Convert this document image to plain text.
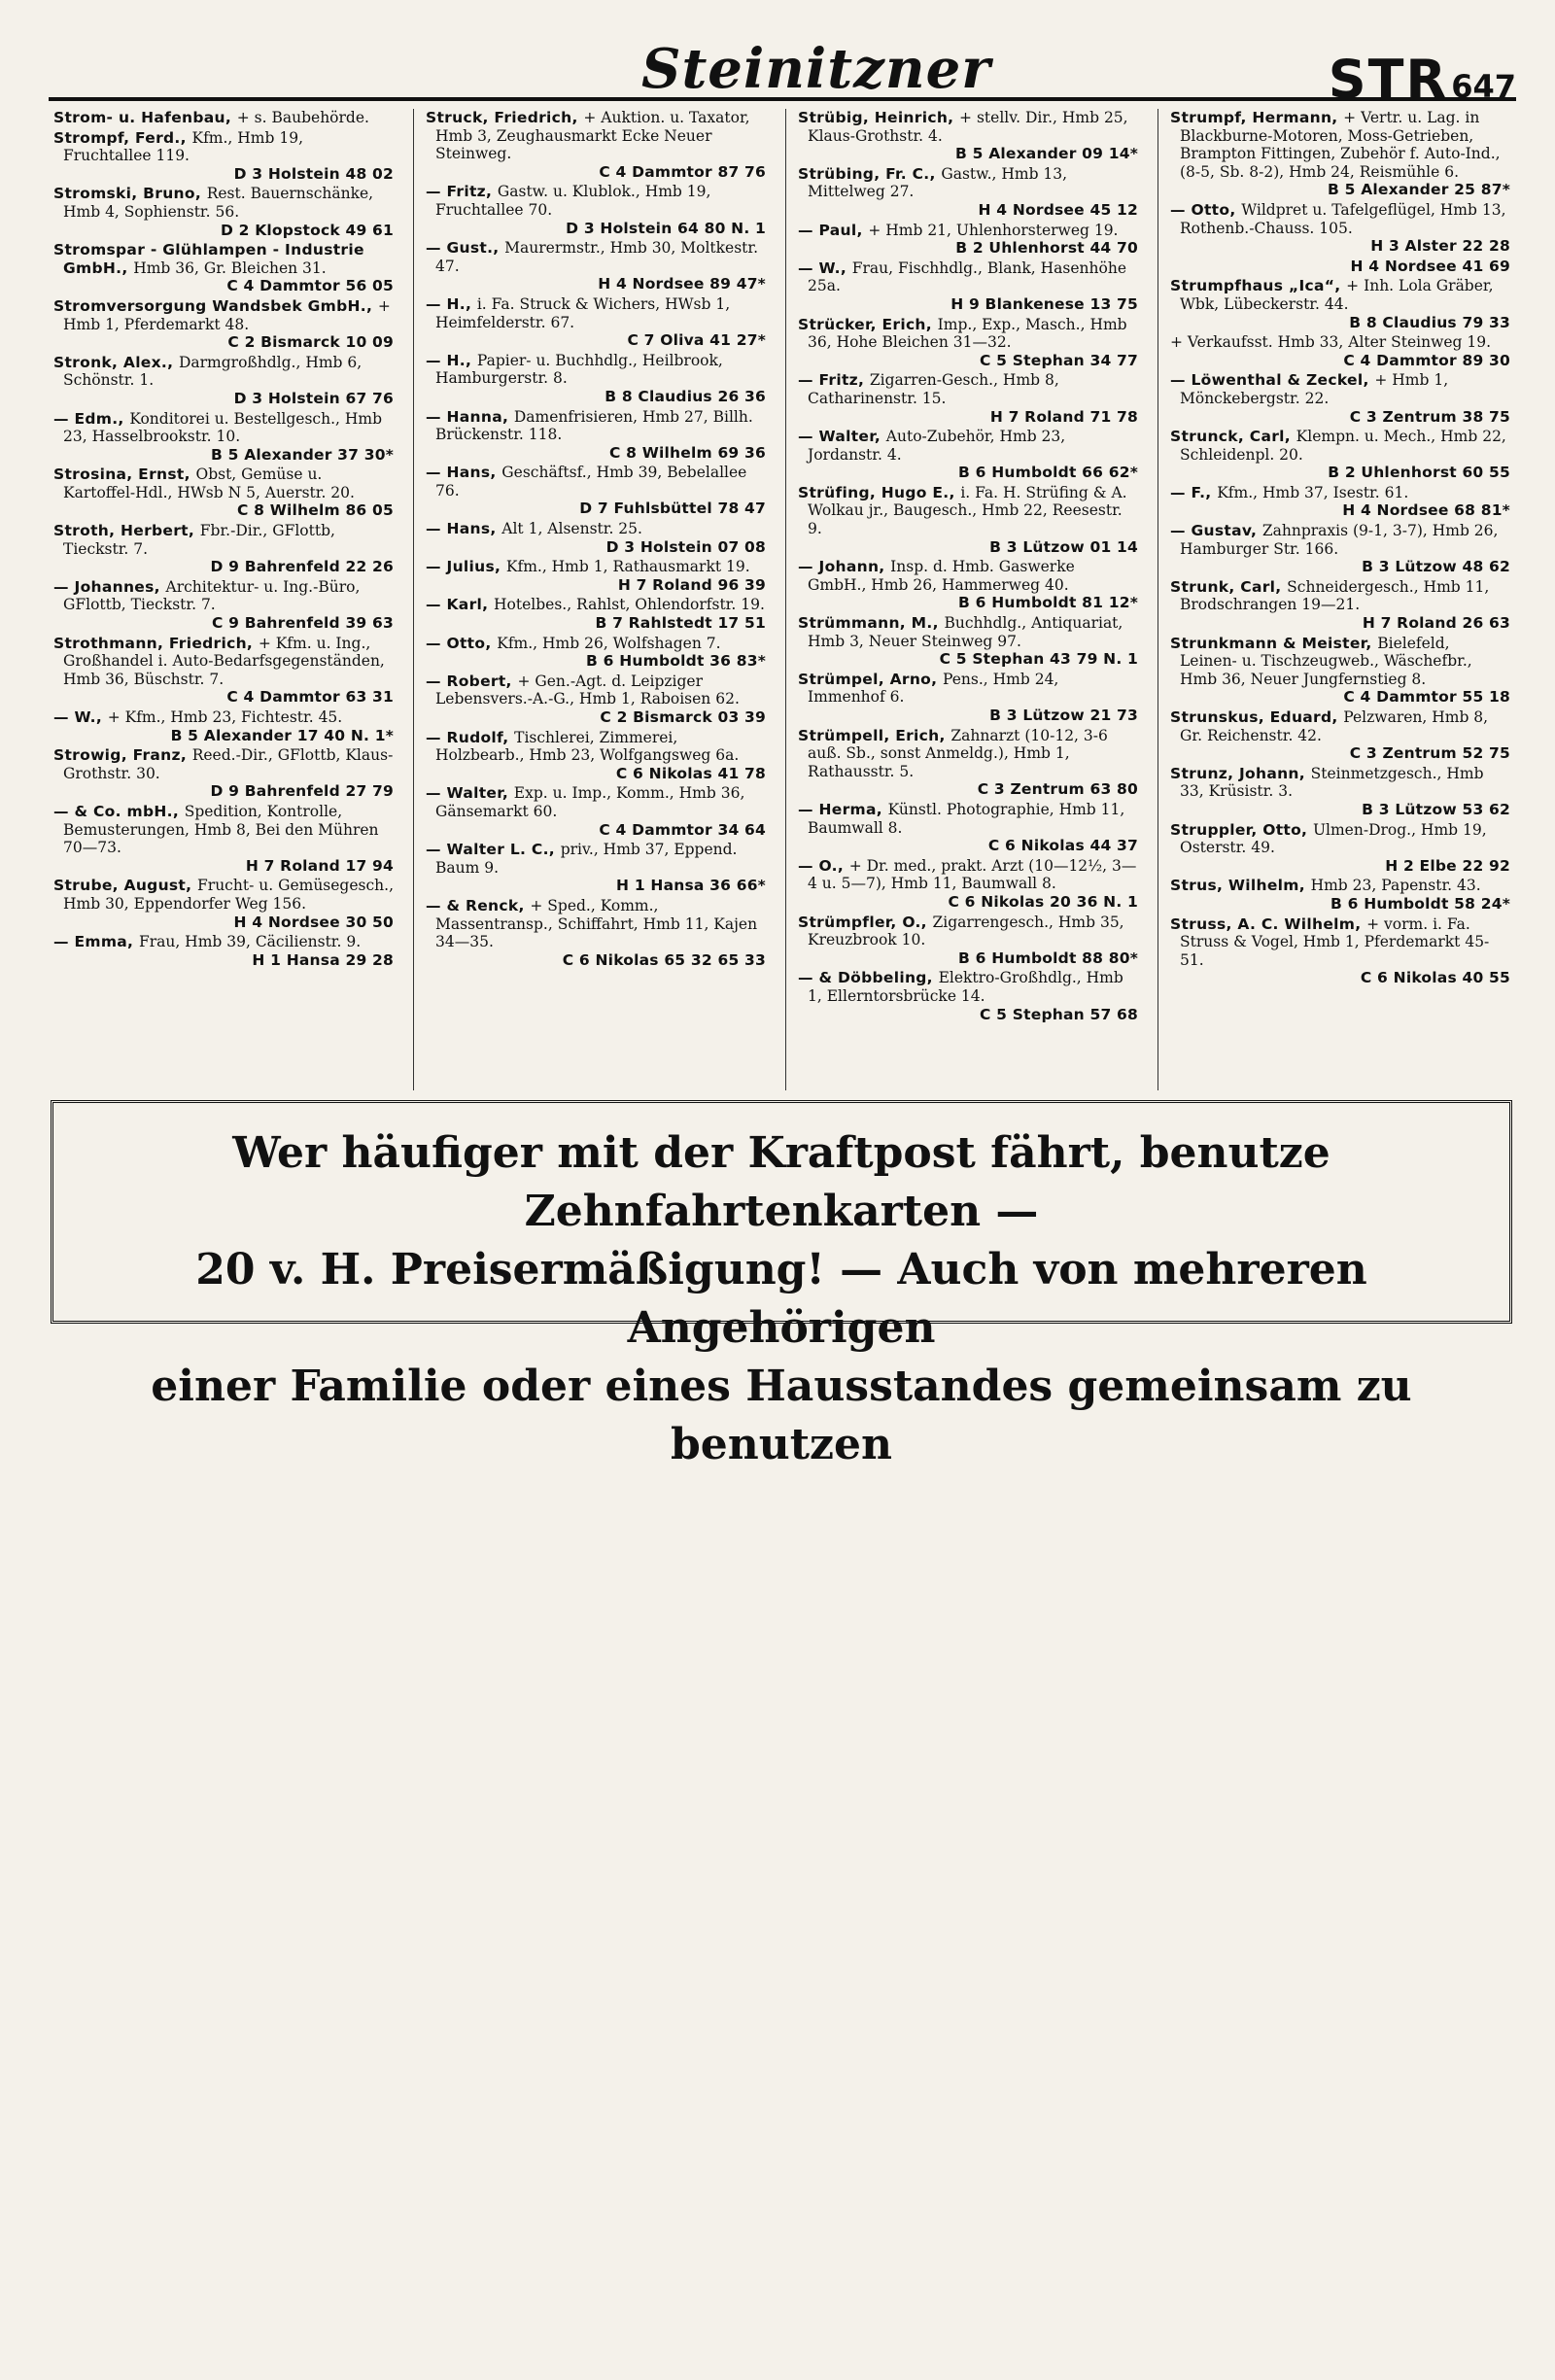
Steinitzner	STR 647
Strom- u. Hafenbau, + s. Baubehörde.
Strompf, Ferd., Kfm., Hmb 19, Fruchtallee 119.
D 3 Holstein 48 02
Stromski, Bruno, Rest. Bauernschänke, Hmb 4, Sophienstr. 56.
D 2 Klopstock 49 61
Stromspar - Glühlampen - Industrie GmbH., Hmb 36, Gr. Bleichen 31.
C 4 Dammtor 56 05
Stromversorgung Wandsbek GmbH., + Hmb 1, Pferdemarkt 48.
C 2 Bismarck 10 09
Stronk, Alex., Darmgroßhdlg., Hmb 6, Schönstr. 1.
D 3 Holstein 67 76
— Edm., Konditorei u. Bestellgesch., Hmb 23, Hasselbrookstr. 10.
B 5 Alexander 37 30*
Strosina, Ernst, Obst, Gemüse u. Kartoffel-Hdl., HWsb N 5, Auerstr. 20.
C 8 Wilhelm 86 05
Stroth, Herbert, Fbr.-Dir., GFlottb, Tieckstr. 7.
D 9 Bahrenfeld 22 26
— Johannes, Architektur- u. Ing.-Büro, GFlottb, Tieckstr. 7.
C 9 Bahrenfeld 39 63
Strothmann, Friedrich, + Kfm. u. Ing., Großhandel i. Auto-Bedarfsgegenständen, Hmb 36, Büschstr. 7.
C 4 Dammtor 63 31
— W., + Kfm., Hmb 23, Fichtestr. 45.
B 5 Alexander 17 40 N. 1*
Strowig, Franz, Reed.-Dir., GFlottb, Klaus-Grothstr. 30.
D 9 Bahrenfeld 27 79
— & Co. mbH., Spedition, Kontrolle, Bemusterungen, Hmb 8, Bei den Mühren 70—73.
H 7 Roland 17 94
Strube, August, Frucht- u. Gemüsegesch., Hmb 30, Eppendorfer Weg 156.
H 4 Nordsee 30 50
— Emma, Frau, Hmb 39, Cäcilienstr. 9.
H 1 Hansa 29 28
Struck, Friedrich, + Auktion. u. Taxator, Hmb 3, Zeughausmarkt Ecke Neuer Steinweg.
C 4 Dammtor 87 76
— Fritz, Gastw. u. Klublok., Hmb 19, Fruchtallee 70.
D 3 Holstein 64 80 N. 1
— Gust., Maurermstr., Hmb 30, Moltkestr. 47.
H 4 Nordsee 89 47*
— H., i. Fa. Struck & Wichers, HWsb 1, Heimfelderstr. 67.
C 7 Oliva 41 27*
— H., Papier- u. Buchhdlg., Heilbrook, Hamburgerstr. 8.
B 8 Claudius 26 36
— Hanna, Damenfrisieren, Hmb 27, Billh. Brückenstr. 118.
C 8 Wilhelm 69 36
— Hans, Geschäftsf., Hmb 39, Bebelallee 76.
D 7 Fuhlsbüttel 78 47
— Hans, Alt 1, Alsenstr. 25.
D 3 Holstein 07 08
— Julius, Kfm., Hmb 1, Rathausmarkt 19.
H 7 Roland 96 39
— Karl, Hotelbes., Rahlst, Ohlendorfstr. 19.
B 7 Rahlstedt 17 51
— Otto, Kfm., Hmb 26, Wolfshagen 7.
B 6 Humboldt 36 83*
— Robert, + Gen.-Agt. d. Leipziger Lebensvers.-A.-G., Hmb 1, Raboisen 62.
C 2 Bismarck 03 39
— Rudolf, Tischlerei, Zimmerei, Holzbearb., Hmb 23, Wolfgangsweg 6a.
C 6 Nikolas 41 78
— Walter, Exp. u. Imp., Komm., Hmb 36, Gänsemarkt 60.
C 4 Dammtor 34 64
— Walter L. C., priv., Hmb 37, Eppend. Baum 9.
H 1 Hansa 36 66*
— & Renck, + Sped., Komm., Massentransp., Schiffahrt, Hmb 11, Kajen 34—35.
C 6 Nikolas 65 32 65 33
Strübig, Heinrich, + stellv. Dir., Hmb 25, Klaus-Grothstr. 4.
B 5 Alexander 09 14*
Strübing, Fr. C., Gastw., Hmb 13, Mittelweg 27.
H 4 Nordsee 45 12
— Paul, + Hmb 21, Uhlenhorsterweg 19.
B 2 Uhlenhorst 44 70
— W., Frau, Fischhdlg., Blank, Hasenhöhe 25a.
H 9 Blankenese 13 75
Strücker, Erich, Imp., Exp., Masch., Hmb 36, Hohe Bleichen 31—32.
C 5 Stephan 34 77
— Fritz, Zigarren-Gesch., Hmb 8, Catharinenstr. 15.
H 7 Roland 71 78
— Walter, Auto-Zubehör, Hmb 23, Jordanstr. 4.
B 6 Humboldt 66 62*
Strüfing, Hugo E., i. Fa. H. Strüfing & A. Wolkau jr., Baugesch., Hmb 22, Reesestr. 9.
B 3 Lützow 01 14
— Johann, Insp. d. Hmb. Gaswerke GmbH., Hmb 26, Hammerweg 40.
B 6 Humboldt 81 12*
Strümmann, M., Buchhdlg., Antiquariat, Hmb 3, Neuer Steinweg 97.
C 5 Stephan 43 79 N. 1
Strümpel, Arno, Pens., Hmb 24, Immenhof 6.
B 3 Lützow 21 73
Strümpell, Erich, Zahnarzt (10-12, 3-6 auß. Sb., sonst Anmeldg.), Hmb 1, Rathausstr. 5.
C 3 Zentrum 63 80
— Herma, Künstl. Photographie, Hmb 11, Baumwall 8.
C 6 Nikolas 44 37
— O., + Dr. med., prakt. Arzt (10—12½, 3—4 u. 5—7), Hmb 11, Baumwall 8.
C 6 Nikolas 20 36 N. 1
Strümpfler, O., Zigarrengesch., Hmb 35, Kreuzbrook 10.
B 6 Humboldt 88 80*
— & Döbbeling, Elektro-Großhdlg., Hmb 1, Ellerntorsbrücke 14.
C 5 Stephan 57 68
Strumpf, Hermann, + Vertr. u. Lag. in Blackburne-Motoren, Moss-Getrieben, Brampton Fittingen, Zubehör f. Auto-Ind., (8-5, Sb. 8-2), Hmb 24, Reismühle 6.
B 5 Alexander 25 87*
— Otto, Wildpret u. Tafelgeflügel, Hmb 13, Rothenb.-Chauss. 105.
H 3 Alster 22 28
H 4 Nordsee 41 69
Strumpfhaus „Ica“, + Inh. Lola Gräber, Wbk, Lübeckerstr. 44.
B 8 Claudius 79 33
+ Verkaufsst. Hmb 33, Alter Steinweg 19.
C 4 Dammtor 89 30
— Löwenthal & Zeckel, + Hmb 1, Mönckebergstr. 22.
C 3 Zentrum 38 75
Strunck, Carl, Klempn. u. Mech., Hmb 22, Schleidenpl. 20.
B 2 Uhlenhorst 60 55
— F., Kfm., Hmb 37, Isestr. 61.
H 4 Nordsee 68 81*
— Gustav, Zahnpraxis (9-1, 3-7), Hmb 26, Hamburger Str. 166.
B 3 Lützow 48 62
Strunk, Carl, Schneidergesch., Hmb 11, Brodschrangen 19—21.
H 7 Roland 26 63
Strunkmann & Meister, Bielefeld, Leinen- u. Tischzeugweb., Wäschefbr., Hmb 36, Neuer Jungfernstieg 8.
C 4 Dammtor 55 18
Strunskus, Eduard, Pelzwaren, Hmb 8, Gr. Reichenstr. 42.
C 3 Zentrum 52 75
Strunz, Johann, Steinmetzgesch., Hmb 33, Krüsistr. 3.
B 3 Lützow 53 62
Struppler, Otto, Ulmen-Drog., Hmb 19, Osterstr. 49.
H 2 Elbe 22 92
Strus, Wilhelm, Hmb 23, Papenstr. 43.
B 6 Humboldt 58 24*
Struss, A. C. Wilhelm, + vorm. i. Fa. Struss & Vogel, Hmb 1, Pferdemarkt 45-51.
C 6 Nikolas 40 55
Wer häufiger mit der Kraftpost fährt, benutze Zehnfahrtenkarten —
20 v. H. Preisermäßigung! — Auch von mehreren Angehörigen
einer Familie oder eines Hausstandes gemeinsam zu benutzen
